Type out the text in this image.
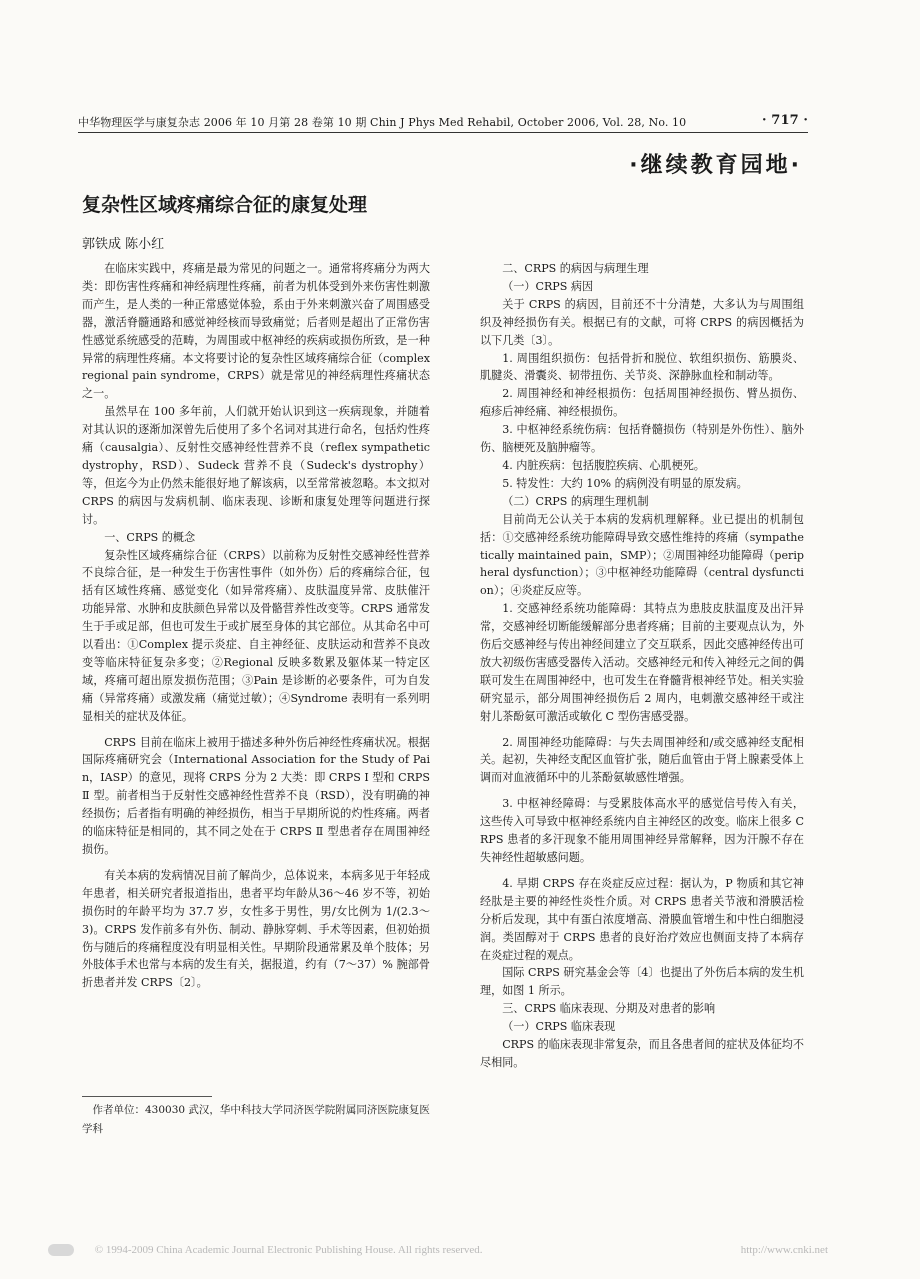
中华物理医学与康复杂志 2006 年 10 月第 28 卷第 10 期 Chin J Phys Med Rehabil, October 2006, Vol. 28, No. 10	· 717 ·
·继续教育园地·
复杂性区域疼痛综合征的康复处理
郭铁成 陈小红

在临床实践中，疼痛是最为常见的问题之一。通常将疼痛分为两大类：即伤害性疼痛和神经病理性疼痛，前者为机体受到外来伤害性刺激而产生，是人类的一种正常感觉体验，系由于外来刺激兴奋了周围感受器，激活脊髓通路和感觉神经核而导致痛觉；后者则是超出了正常伤害性感觉系统感受的范畴，为周围或中枢神经的疾病或损伤所致，是一种异常的病理性疼痛。本文将要讨论的复杂性区域疼痛综合征（complex regional pain syndrome，CRPS）就是常见的神经病理性疼痛状态之一。

虽然早在 100 多年前，人们就开始认识到这一疾病现象，并随着对其认识的逐渐加深曾先后使用了多个名词对其进行命名，包括灼性疼痛（causalgia）、反射性交感神经性营养不良（reflex sympathetic dystrophy，RSD）、Sudeck 营养不良（Sudeck's dystrophy）等，但迄今为止仍然未能很好地了解该病，以至常常被忽略。本文拟对 CRPS 的病因与发病机制、临床表现、诊断和康复处理等问题进行探讨。

一、CRPS 的概念

复杂性区域疼痛综合征（CRPS）以前称为反射性交感神经性营养不良综合征，是一种发生于伤害性事件（如外伤）后的疼痛综合征，包括有区域性疼痛、感觉变化（如异常疼痛）、皮肤温度异常、皮肤催汗功能异常、水肿和皮肤颜色异常以及骨骼营养性改变等。CRPS 通常发生于手或足部，但也可发生于或扩展至身体的其它部位。从其命名中可以看出：①Complex 提示炎症、自主神经征、皮肤运动和营养不良改变等临床特征复杂多变；②Regional 反映多数累及躯体某一特定区域，疼痛可超出原发损伤范围；③Pain 是诊断的必要条件，可为自发痛（异常疼痛）或激发痛（痛觉过敏）；④Syndrome 表明有一系列明显相关的症状及体征。

CRPS 目前在临床上被用于描述多种外伤后神经性疼痛状况。根据国际疼痛研究会（International Association for the Study of Pain，IASP）的意见，现将 CRPS 分为 2 大类：即 CRPS Ⅰ 型和 CRPS Ⅱ 型。前者相当于反射性交感神经性营养不良（RSD），没有明确的神经损伤；后者指有明确的神经损伤，相当于早期所说的灼性疼痛。两者的临床特征是相同的，其不同之处在于 CRPS Ⅱ 型患者存在周围神经损伤。

有关本病的发病情况目前了解尚少，总体说来，本病多见于年轻成年患者，相关研究者报道指出，患者平均年龄从36～46 岁不等，初始损伤时的年龄平均为 37.7 岁，女性多于男性，男/女比例为 1/(2.3～3)。CRPS 发作前多有外伤、制动、静脉穿刺、手术等因素，但初始损伤与随后的疼痛程度没有明显相关性。早期阶段通常累及单个肢体；另外肢体手术也常与本病的发生有关，据报道，约有（7～37）% 腕部骨折患者并发 CRPS〔2〕。

二、CRPS 的病因与病理生理

（一）CRPS 病因

关于 CRPS 的病因，目前还不十分清楚，大多认为与周围组织及神经损伤有关。根据已有的文献，可将 CRPS 的病因概括为以下几类〔3〕。

1. 周围组织损伤：包括骨折和脱位、软组织损伤、筋膜炎、肌腱炎、滑囊炎、韧带扭伤、关节炎、深静脉血栓和制动等。

2. 周围神经和神经根损伤：包括周围神经损伤、臂丛损伤、疱疹后神经痛、神经根损伤。

3. 中枢神经系统伤病：包括脊髓损伤（特别是外伤性）、脑外伤、脑梗死及脑肿瘤等。

4. 内脏疾病：包括腹腔疾病、心肌梗死。

5. 特发性：大约 10% 的病例没有明显的原发病。

（二）CRPS 的病理生理机制

目前尚无公认关于本病的发病机理解释。业已提出的机制包括：①交感神经系统功能障碍导致交感性维持的疼痛（sympathetically maintained pain，SMP）；②周围神经功能障碍（peripheral dysfunction）；③中枢神经功能障碍（central dysfunction）；④炎症反应等。

1. 交感神经系统功能障碍：其特点为患肢皮肤温度及出汗异常，交感神经切断能缓解部分患者疼痛；目前的主要观点认为，外伤后交感神经与传出神经间建立了交互联系，因此交感神经传出可放大初级伤害感受器传入活动。交感神经元和传入神经元之间的偶联可发生在周围神经中，也可发生在脊髓背根神经节处。相关实验研究显示，部分周围神经损伤后 2 周内，电刺激交感神经干或注射儿茶酚氨可激活或敏化 C 型伤害感受器。

2. 周围神经功能障碍：与失去周围神经和/或交感神经支配相关。起初，失神经支配区血管扩张，随后血管由于肾上腺素受体上调而对血液循环中的儿茶酚氨敏感性增强。

3. 中枢神经障碍：与受累肢体高水平的感觉信号传入有关，这些传入可导致中枢神经系统内自主神经区的改变。临床上很多 CRPS 患者的多汗现象不能用周围神经异常解释，因为汗腺不存在失神经性超敏感问题。

4. 早期 CRPS 存在炎症反应过程：据认为，P 物质和其它神经肽是主要的神经性炎性介质。对 CRPS 患者关节液和滑膜活检分析后发现，其中有蛋白浓度增高、滑膜血管增生和中性白细胞浸润。类固醇对于 CRPS 患者的良好治疗效应也侧面支持了本病存在炎症过程的观点。

国际 CRPS 研究基金会等〔4〕也提出了外伤后本病的发生机理，如图 1 所示。

三、CRPS 临床表现、分期及对患者的影响

（一）CRPS 临床表现

CRPS 的临床表现非常复杂，而且各患者间的症状及体征均不尽相同。

作者单位：430030 武汉，华中科技大学同济医学院附属同济医院康复医学科
© 1994-2009 China Academic Journal Electronic Publishing House. All rights reserved.	http://www.cnki.net
